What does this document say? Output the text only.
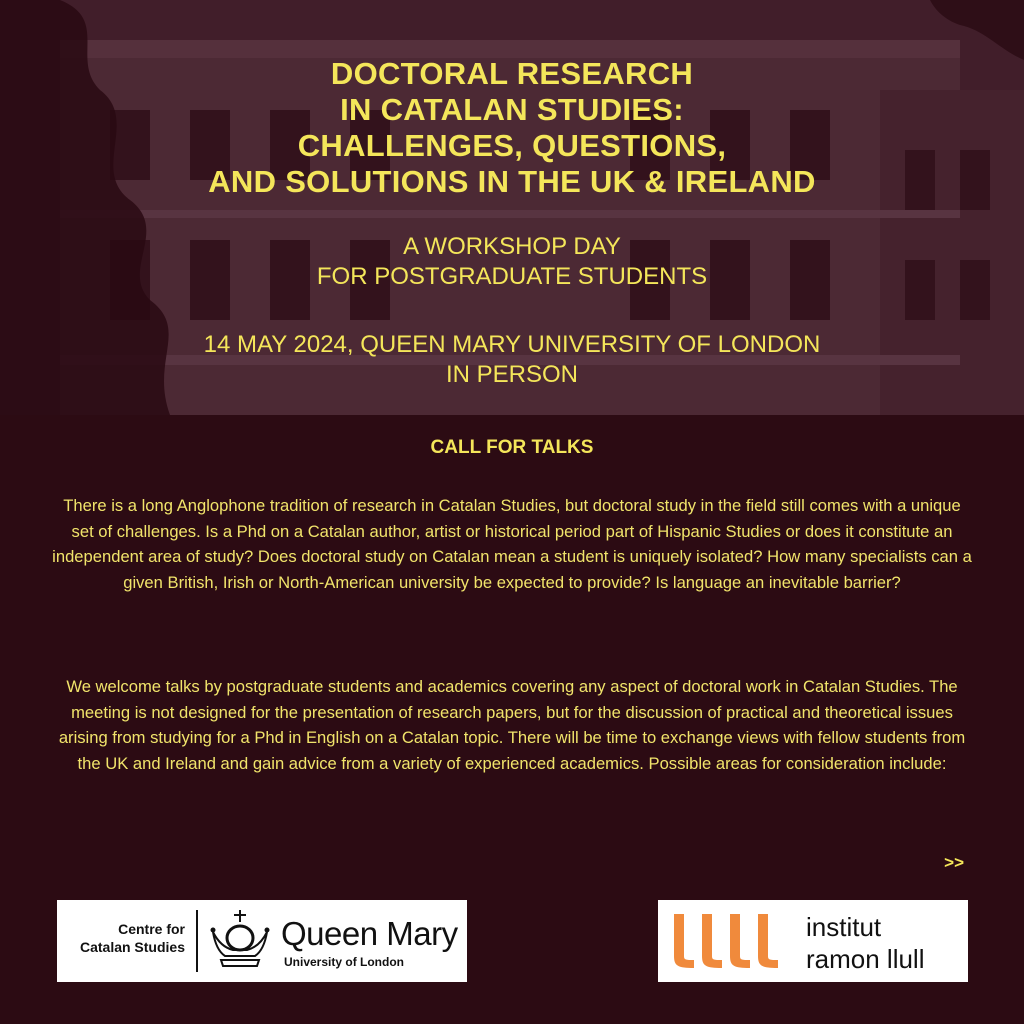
DOCTORAL RESEARCH
IN CATALAN STUDIES:
CHALLENGES, QUESTIONS,
AND SOLUTIONS IN THE UK & IRELAND

A WORKSHOP DAY
FOR POSTGRADUATE STUDENTS

14 MAY 2024, QUEEN MARY UNIVERSITY OF LONDON
IN PERSON

CALL FOR TALKS

There is a long Anglophone tradition of research in Catalan Studies, but doctoral study in the field still comes with a unique set of challenges. Is a Phd on a Catalan author, artist or historical period part of Hispanic Studies or does it constitute an independent area of study? Does doctoral study on Catalan mean a student is uniquely isolated? How many specialists can a given British, Irish or North-American university be expected to provide? Is language an inevitable barrier?

We welcome talks by postgraduate students and academics covering any aspect of doctoral work in Catalan Studies. The meeting is not designed for the presentation of research papers, but for the discussion of practical and theoretical issues arising from studying for a Phd in English on a Catalan topic. There will be time to exchange views with fellow students from the UK and Ireland and gain advice from a variety of experienced academics. Possible areas for consideration include:

>>

Centre for
Catalan Studies	Queen Mary

University of London

institut

ramon llull
